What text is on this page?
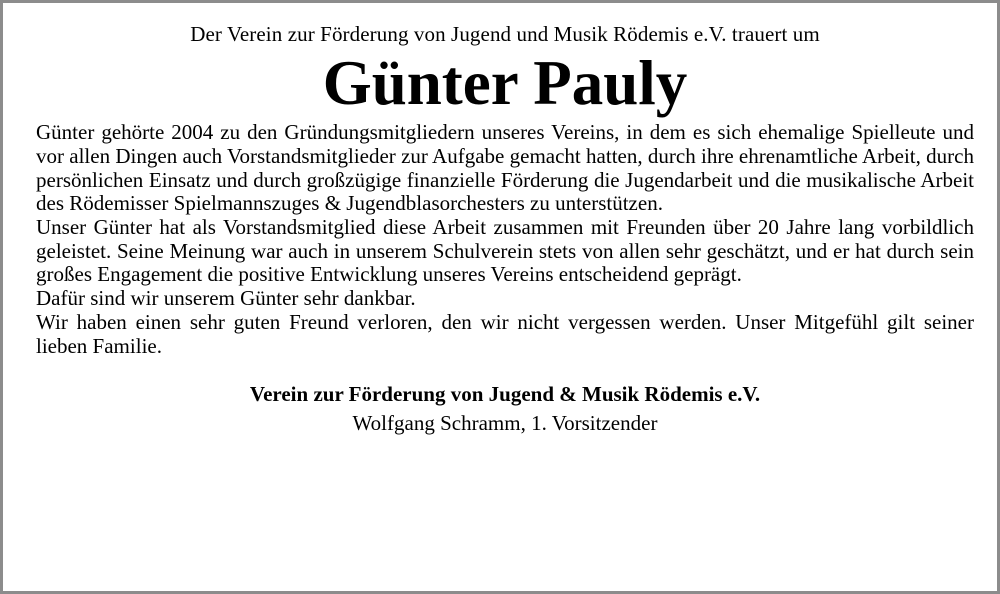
Der Verein zur Förderung von Jugend und Musik Rödemis e.V. trauert um

Günter Pauly

Günter gehörte 2004 zu den Gründungsmitgliedern unseres Vereins, in dem es sich ehemalige Spielleute und vor allen Dingen auch Vorstandsmitglieder zur Aufgabe gemacht hatten, durch ihre ehrenamtliche Arbeit, durch persönlichen Einsatz und durch großzügige finanzielle Förderung die Jugendarbeit und die musikalische Arbeit des Rödemisser Spielmannszuges & Jugendblasorchesters zu unterstützen.

Unser Günter hat als Vorstandsmitglied diese Arbeit zusammen mit Freunden über 20 Jahre lang vorbildlich geleistet. Seine Meinung war auch in unserem Schulverein stets von allen sehr geschätzt, und er hat durch sein großes Engagement die positive Entwicklung unseres Vereins entscheidend geprägt.

Dafür sind wir unserem Günter sehr dankbar.

Wir haben einen sehr guten Freund verloren, den wir nicht vergessen werden. Unser Mitgefühl gilt seiner lieben Familie.

Verein zur Förderung von Jugend & Musik Rödemis e.V.

Wolfgang Schramm, 1. Vorsitzender
